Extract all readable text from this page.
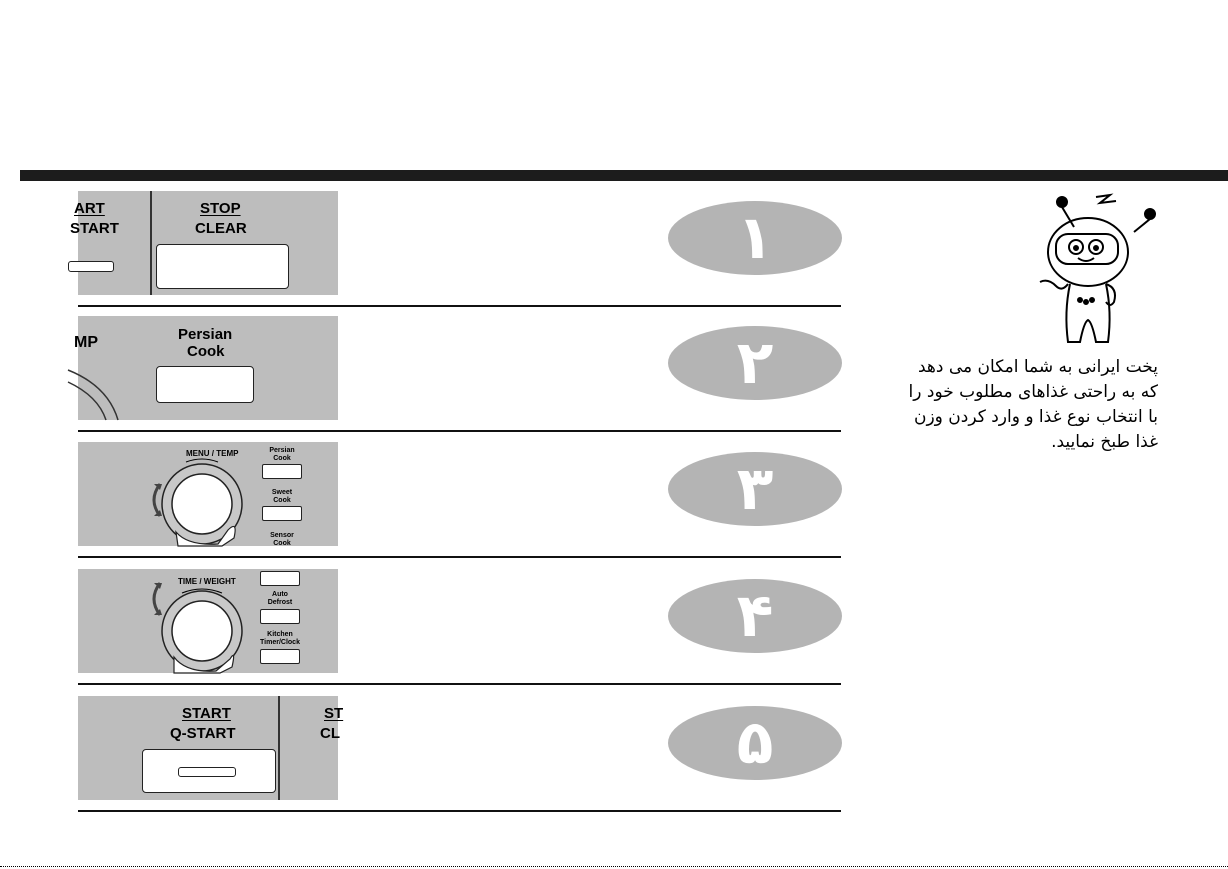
پخت ایرانی به شما امکان می دهد
که به راحتی غذاهای مطلوب خود را
با انتخاب نوع غذا و وارد کردن وزن
غذا طبخ نمایید.
ART
START
STOP
CLEAR	١
MP	Persian
Cook	٢
MENU / TEMP	Persian
Cook
Sweet
Cook
Sensor
Cook
٣
TIME / WEIGHT
Auto
Defrost
Kitchen
Timer/Clock	۴
START
Q-START
ST
CL	۵
